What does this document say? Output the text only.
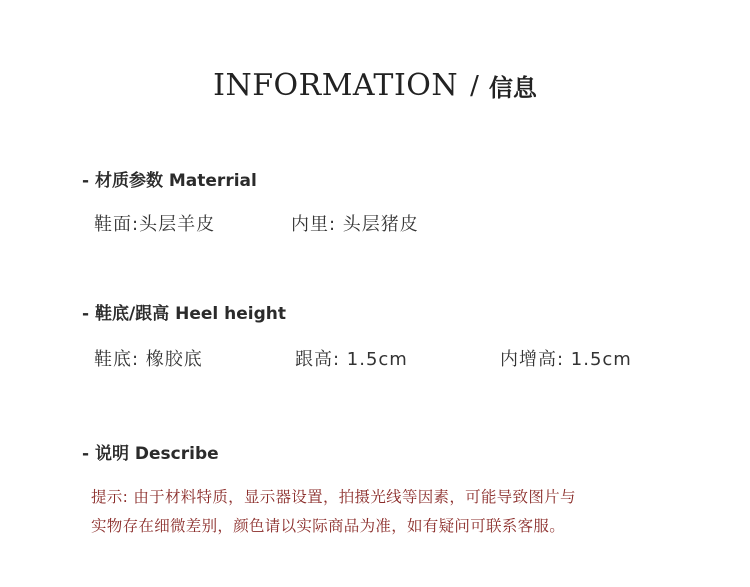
INFORMATION / 信息
- 材质参数 Materrial
鞋面:头层羊皮	内里: 头层猪皮
- 鞋底/跟高 Heel height
鞋底: 橡胶底	跟高: 1.5cm	内增高: 1.5cm
- 说明 Describe
提示: 由于材料特质，显示器设置，拍摄光线等因素，可能导致图片与
实物存在细微差别，颜色请以实际商品为准，如有疑问可联系客服。
